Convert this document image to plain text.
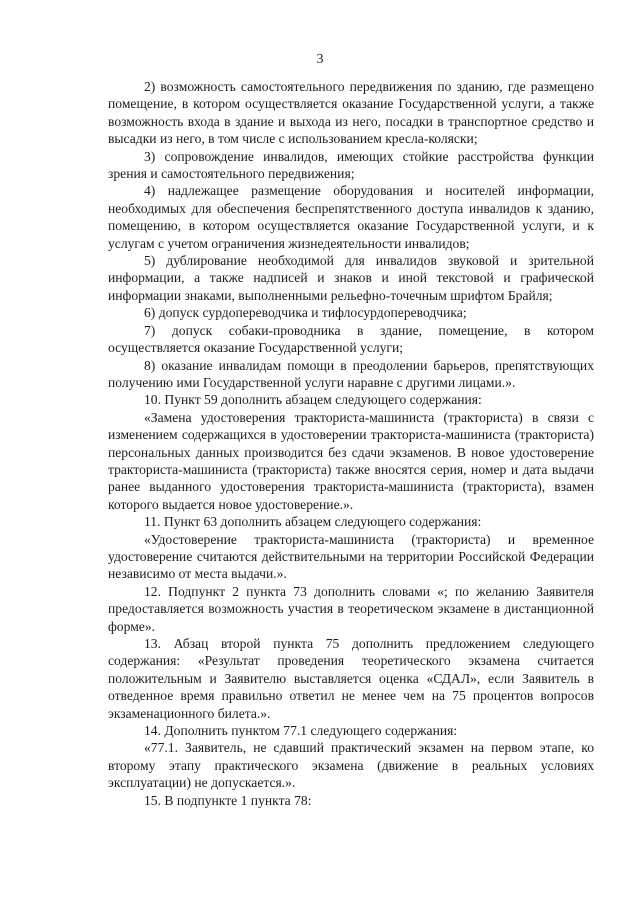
3

2) возможность самостоятельного передвижения по зданию, где размещено помещение, в котором осуществляется оказание Государственной услуги, а также возможность входа в здание и выхода из него, посадки в транспортное средство и высадки из него, в том числе с использованием кресла-коляски;

3) сопровождение инвалидов, имеющих стойкие расстройства функции зрения и самостоятельного передвижения;

4) надлежащее размещение оборудования и носителей информации, необходимых для обеспечения беспрепятственного доступа инвалидов к зданию, помещению, в котором осуществляется оказание Государственной услуги, и к услугам с учетом ограничения жизнедеятельности инвалидов;

5) дублирование необходимой для инвалидов звуковой и зрительной информации, а также надписей и знаков и иной текстовой и графической информации знаками, выполненными рельефно-точечным шрифтом Брайля;

6) допуск сурдопереводчика и тифлосурдопереводчика;

7) допуск собаки-проводника в здание, помещение, в котором осуществляется оказание Государственной услуги;

8) оказание инвалидам помощи в преодолении барьеров, препятствующих получению ими Государственной услуги наравне с другими лицами.».

10. Пункт 59 дополнить абзацем следующего содержания:

«Замена удостоверения тракториста-машиниста (тракториста) в связи с изменением содержащихся в удостоверении тракториста-машиниста (тракториста) персональных данных производится без сдачи экзаменов. В новое удостоверение тракториста-машиниста (тракториста) также вносятся серия, номер и дата выдачи ранее выданного удостоверения тракториста-машиниста (тракториста), взамен которого выдается новое удостоверение.».

11. Пункт 63 дополнить абзацем следующего содержания:

«Удостоверение тракториста-машиниста (тракториста) и временное удостоверение считаются действительными на территории Российской Федерации независимо от места выдачи.».

12. Подпункт 2 пункта 73 дополнить словами «; по желанию Заявителя предоставляется возможность участия в теоретическом экзамене в дистанционной форме».

13. Абзац второй пункта 75 дополнить предложением следующего содержания: «Результат проведения теоретического экзамена считается положительным и Заявителю выставляется оценка «СДАЛ», если Заявитель в отведенное время правильно ответил не менее чем на 75 процентов вопросов экзаменационного билета.».

14. Дополнить пунктом 77.1 следующего содержания:

«77.1. Заявитель, не сдавший практический экзамен на первом этапе, ко второму этапу практического экзамена (движение в реальных условиях эксплуатации) не допускается.».

15. В подпункте 1 пункта 78:
